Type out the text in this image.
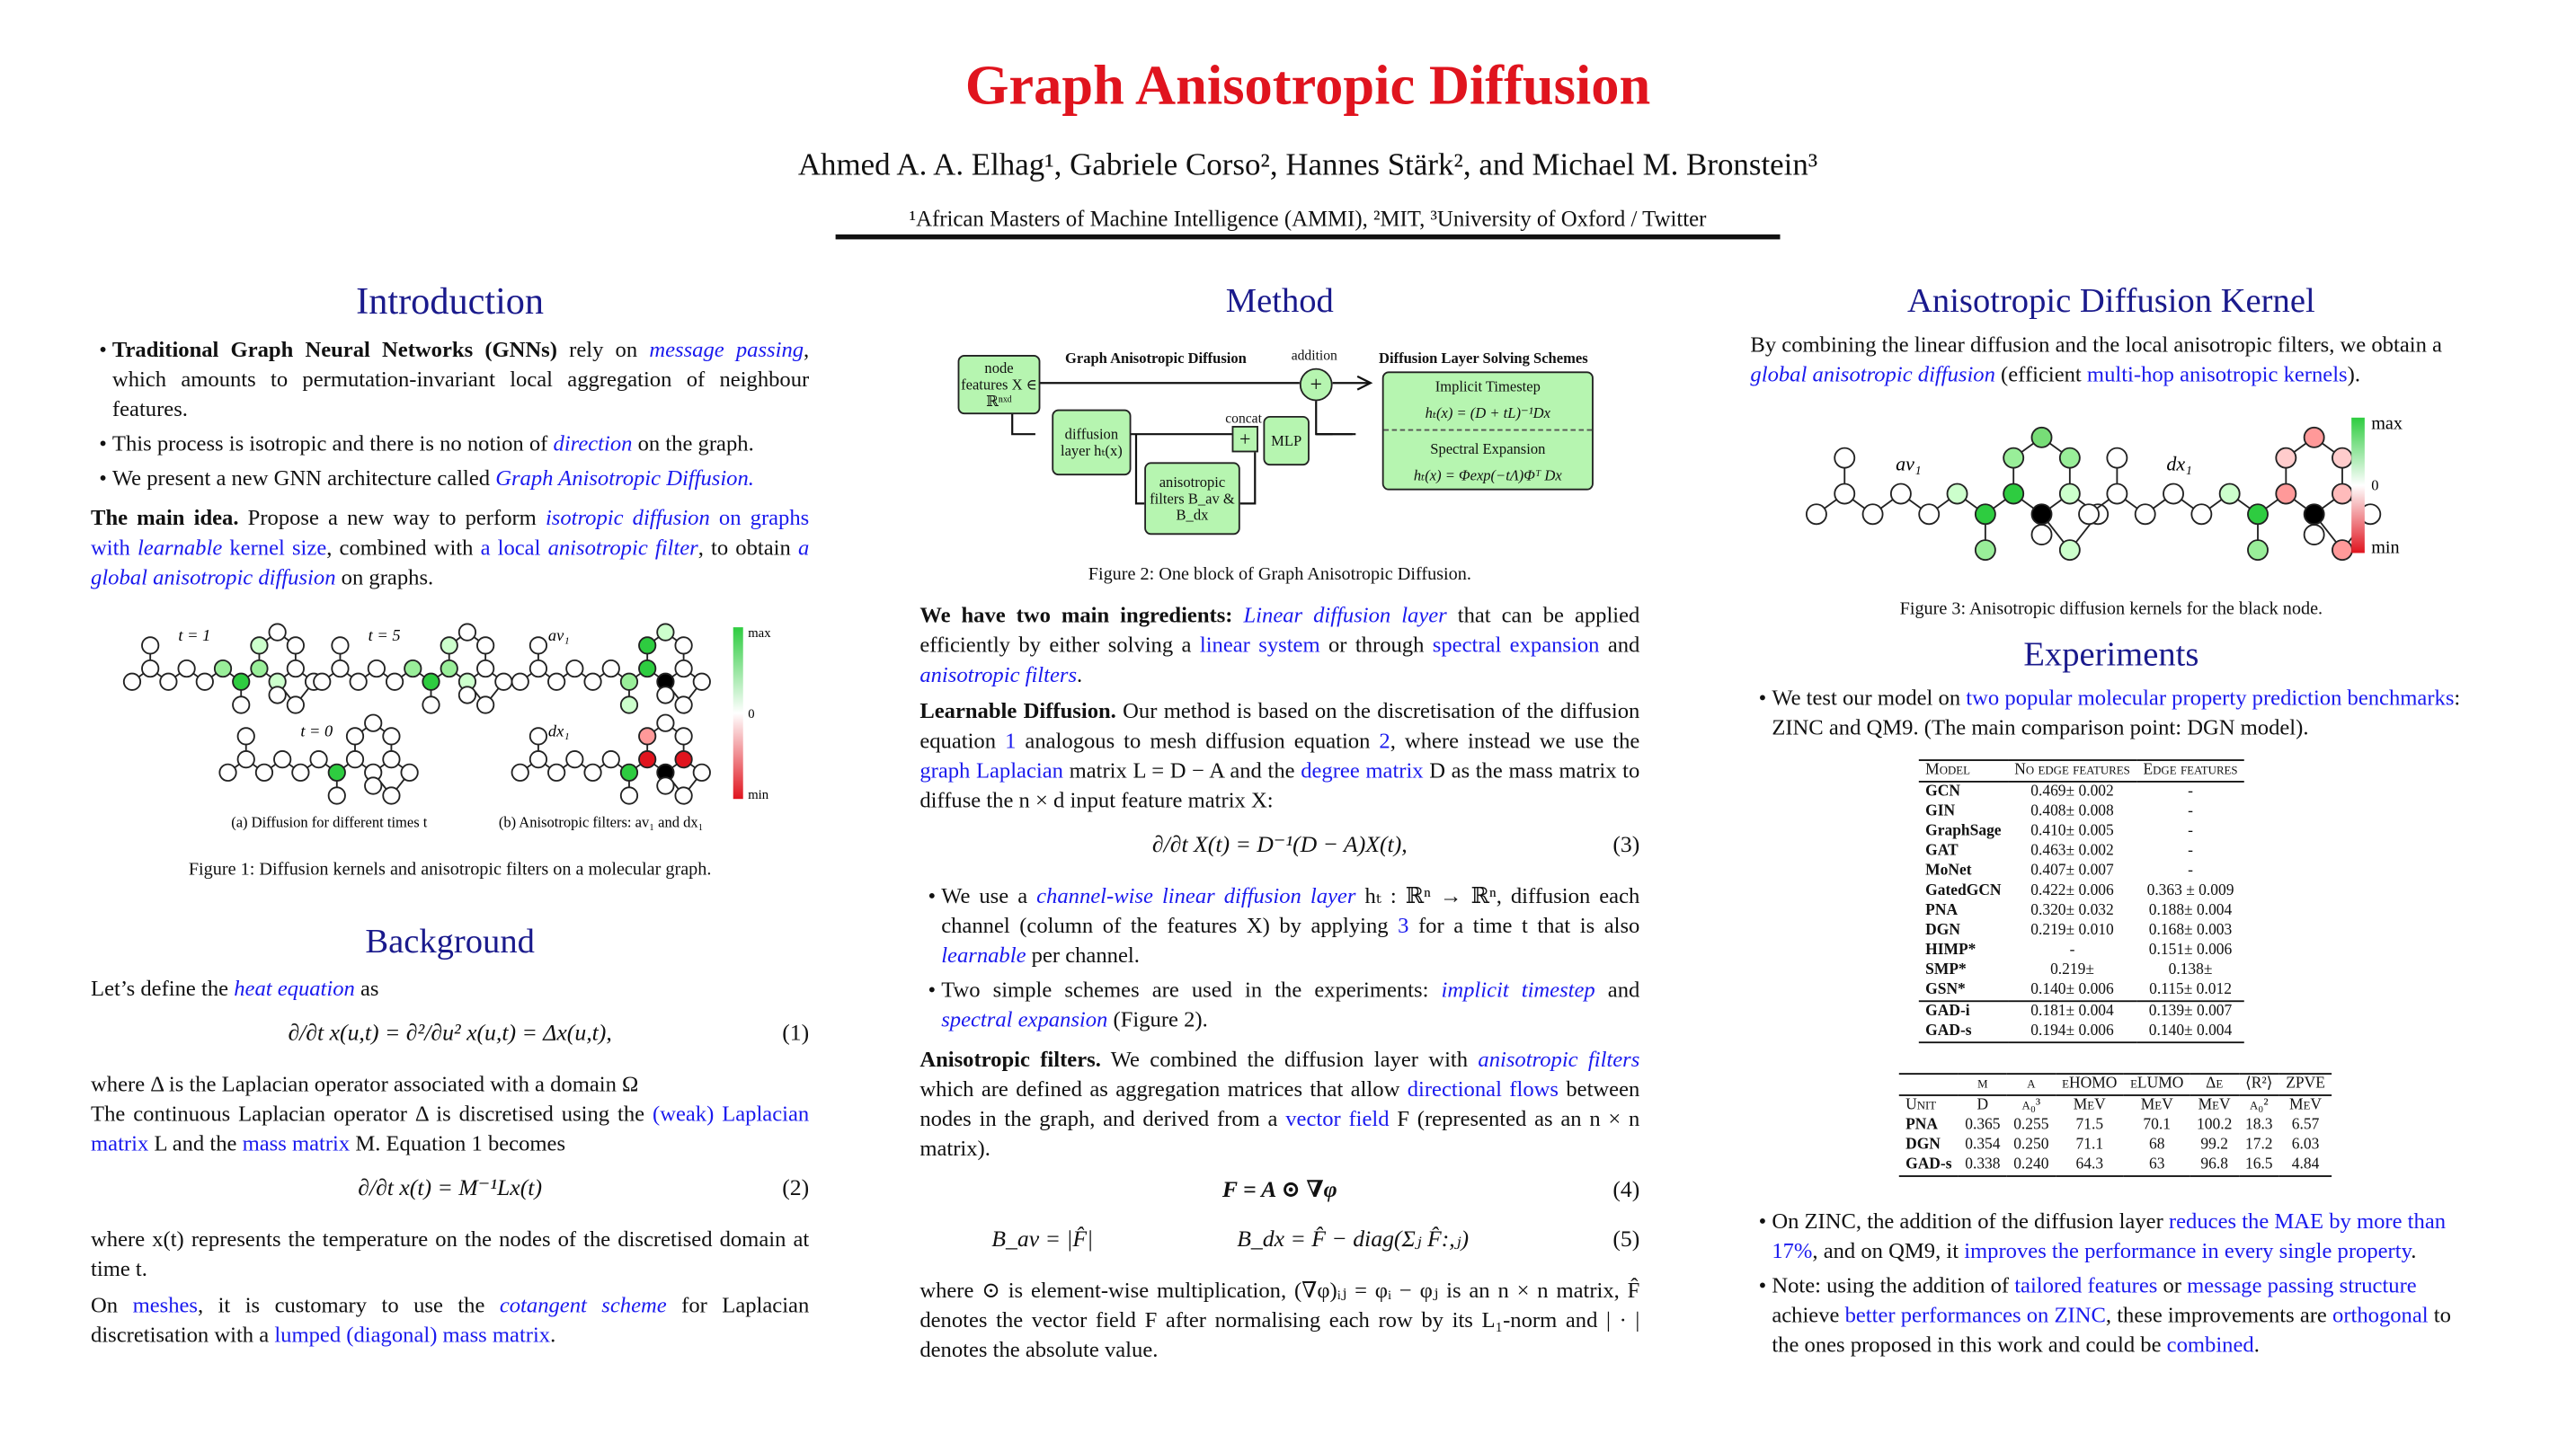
Graph Anisotropic Diffusion
Ahmed A. A. Elhag¹, Gabriele Corso², Hannes Stärk², and Michael M. Bronstein³
¹African Masters of Machine Intelligence (AMMI), ²MIT, ³University of Oxford / Twitter
Introduction
• Traditional Graph Neural Networks (GNNs) rely on message passing, which amounts to permutation-invariant local aggregation of neighbour features.
• This process is isotropic and there is no notion of direction on the graph.
• We present a new GNN architecture called Graph Anisotropic Diffusion.

The main idea. Propose a new way to perform isotropic diffusion on graphs with learnable kernel size, combined with a local anisotropic filter, to obtain a global anisotropic diffusion on graphs.

t = 1	t = 5
t = 0
av₁
dx₁
max
0
min
(a) Diffusion for different times t	(b) Anisotropic filters: av₁ and dx₁
Figure 1: Diffusion kernels and anisotropic filters on a molecular graph.
Background

Let’s define the heat equation as

∂/∂t x(u,t) = ∂²/∂u² x(u,t) = Δx(u,t),	(1)

where Δ is the Laplacian operator associated with a domain Ω

The continuous Laplacian operator Δ is discretised using the (weak) Laplacian matrix L and the mass matrix M. Equation 1 becomes

∂/∂t x(t) = M⁻¹Lx(t)	(2)

where x(t) represents the temperature on the nodes of the discretised domain at time t.

On meshes, it is customary to use the cotangent scheme for Laplacian discretisation with a lumped (diagonal) mass matrix.

Method
node features X ∈ ℝⁿˣᵈ
Graph Anisotropic Diffusion	addition
+
concat
+
diffusion layer hₜ(x)
MLP
anisotropic filters B_av & B_dx
Diffusion Layer Solving Schemes
Implicit Timestep
hₜ(x) = (D + tL)⁻¹Dx
Spectral Expansion
hₜ(x) = Φexp(−tΛ)Φᵀ Dx
Figure 2: One block of Graph Anisotropic Diffusion.

We have two main ingredients: Linear diffusion layer that can be applied efficiently by either solving a linear system or through spectral expansion and anisotropic filters.

Learnable Diffusion. Our method is based on the discretisation of the diffusion equation 1 analogous to mesh diffusion equation 2, where instead we use the graph Laplacian matrix L = D − A and the degree matrix D as the mass matrix to diffuse the n × d input feature matrix X:

∂/∂t X(t) = D⁻¹(D − A)X(t),	(3)
• We use a channel-wise linear diffusion layer hₜ : ℝⁿ → ℝⁿ, diffusion each channel (column of the features X) by applying 3 for a time t that is also learnable per channel.
• Two simple schemes are used in the experiments: implicit timestep and spectral expansion (Figure 2).

Anisotropic filters. We combined the diffusion layer with anisotropic filters which are defined as aggregation matrices that allow directional flows between nodes in the graph, and derived from a vector field F (represented as an n × n matrix).

F = A ⊙ ∇φ	(4)
B_av = |F̂|	B_dx = F̂ − diag(Σⱼ F̂:,ⱼ)	(5)

where ⊙ is element-wise multiplication, (∇φ)ᵢⱼ = φᵢ − φⱼ is an n × n matrix, F̂ denotes the vector field F after normalising each row by its L₁-norm and | · | denotes the absolute value.

Anisotropic Diffusion Kernel
By combining the linear diffusion and the local anisotropic filters, we obtain a global anisotropic diffusion (efficient multi-hop anisotropic kernels).
av₁	dx₁
max
0
min
Figure 3: Anisotropic diffusion kernels for the black node.
Experiments
• We test our model on two popular molecular property prediction benchmarks: ZINC and QM9. (The main comparison point: DGN model).
Model	No edge features	Edge features
GCN	0.469± 0.002	-
GIN	0.408± 0.008	-
GraphSage	0.410± 0.005	-
GAT	0.463± 0.002	-
MoNet	0.407± 0.007	-
GatedGCN	0.422± 0.006	0.363 ± 0.009
PNA	0.320± 0.032	0.188± 0.004
DGN	0.219± 0.010	0.168± 0.003
HIMP*	-	0.151± 0.006
SMP*	0.219±	0.138±
GSN*	0.140± 0.006	0.115± 0.012
GAD-i	0.181± 0.004	0.139± 0.007
GAD-s	0.194± 0.006	0.140± 0.004
	μ	α	ϵHOMO	ϵLUMO	Δϵ	⟨R²⟩	ZPVE
Unit	D	a₀³	MeV	MeV	MeV	a₀²	MeV
PNA	0.365	0.255	71.5	70.1	100.2	18.3	6.57
DGN	0.354	0.250	71.1	68	99.2	17.2	6.03
GAD-s	0.338	0.240	64.3	63	96.8	16.5	4.84
• On ZINC, the addition of the diffusion layer reduces the MAE by more than 17%, and on QM9, it improves the performance in every single property.
• Note: using the addition of tailored features or message passing structure achieve better performances on ZINC, these improvements are orthogonal to the ones proposed in this work and could be combined.
